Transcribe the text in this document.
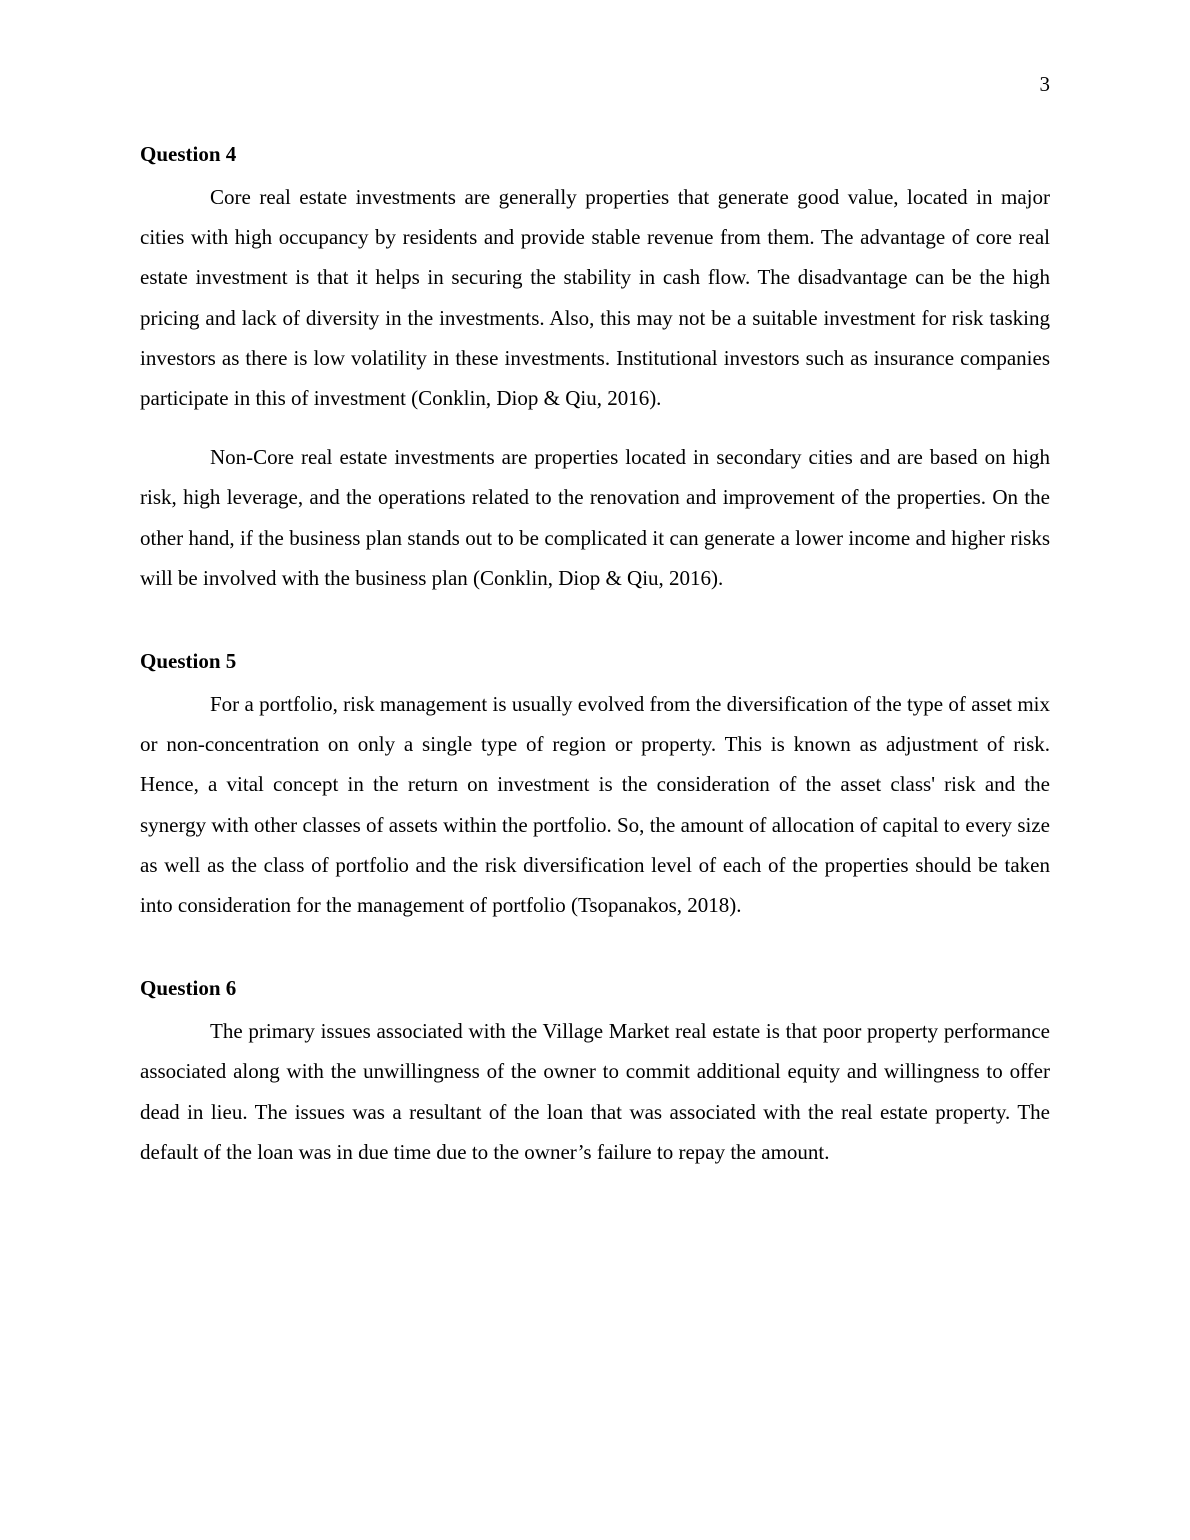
3
Question 4

Core real estate investments are generally properties that generate good value, located in major cities with high occupancy by residents and provide stable revenue from them. The advantage of core real estate investment is that it helps in securing the stability in cash flow. The disadvantage can be the high pricing and lack of diversity in the investments. Also, this may not be a suitable investment for risk tasking investors as there is low volatility in these investments. Institutional investors such as insurance companies participate in this of investment (Conklin, Diop & Qiu, 2016).

Non-Core real estate investments are properties located in secondary cities and are based on high risk, high leverage, and the operations related to the renovation and improvement of the properties. On the other hand, if the business plan stands out to be complicated it can generate a lower income and higher risks will be involved with the business plan (Conklin, Diop & Qiu, 2016).

Question 5

For a portfolio, risk management is usually evolved from the diversification of the type of asset mix or non-concentration on only a single type of region or property. This is known as adjustment of risk. Hence, a vital concept in the return on investment is the consideration of the asset class' risk and the synergy with other classes of assets within the portfolio. So, the amount of allocation of capital to every size as well as the class of portfolio and the risk diversification level of each of the properties should be taken into consideration for the management of portfolio (Tsopanakos, 2018).

Question 6

The primary issues associated with the Village Market real estate is that poor property performance associated along with the unwillingness of the owner to commit additional equity and willingness to offer dead in lieu. The issues was a resultant of the loan that was associated with the real estate property. The default of the loan was in due time due to the owner’s failure to repay the amount.
